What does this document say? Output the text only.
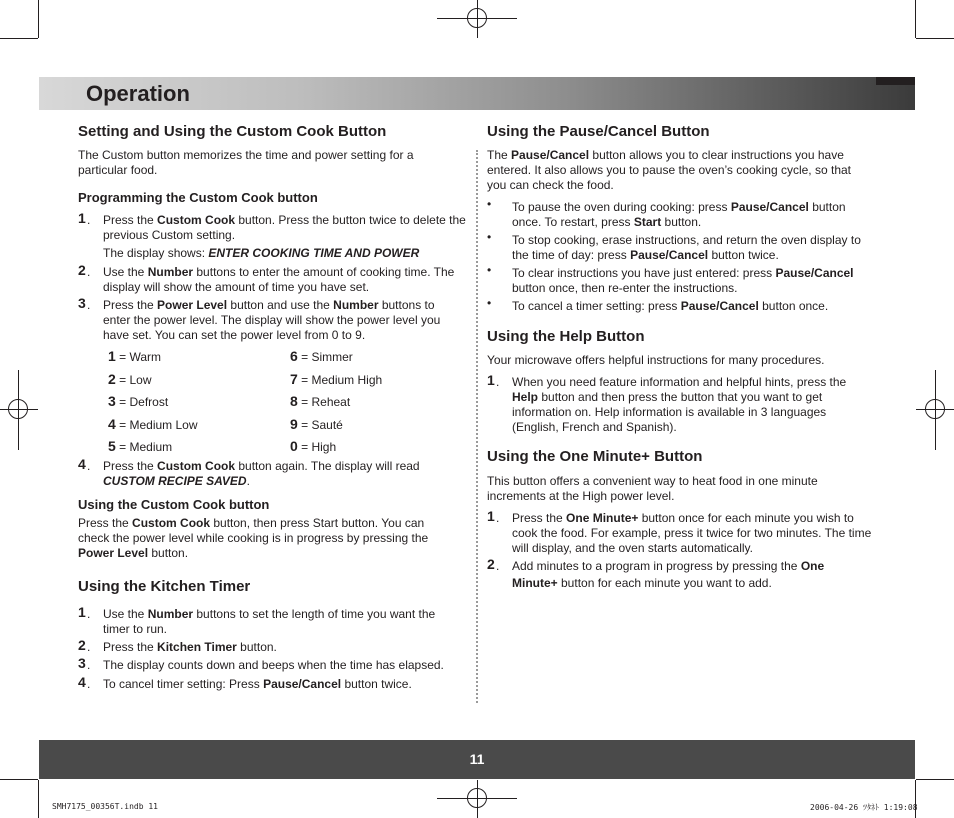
Operation
Setting and Using the Custom Cook Button
The Custom button memorizes the time and power setting for a particular food.
Programming the Custom Cook button
1 . Press the Custom Cook button. Press the button twice to delete the previous Custom setting.
The display shows: ENTER COOKING TIME AND POWER
2 . Use the Number buttons to enter the amount of cooking time. The display will show the amount of time you have set.
3 . Press the Power Level button and use the Number buttons to enter the power level. The display will show the power level you have set. You can set the power level from 0 to 9.
1 = Warm
2 = Low
3 = Defrost
4 = Medium Low
5 = Medium
6 = Simmer
7 = Medium High
8 = Reheat
9 = Sauté
0 = High
4 . Press the Custom Cook button again. The display will read CUSTOM RECIPE SAVED.
Using the Custom Cook button
Press the Custom Cook button, then press Start button. You can check the power level while cooking is in progress by pressing the Power Level button.
Using the Kitchen Timer
1 . Use the Number buttons to set the length of time you want the timer to run.
2 . Press the Kitchen Timer button.
3 . The display counts down and beeps when the time has elapsed.
4 . To cancel timer setting: Press Pause/Cancel button twice.
Using the Pause/Cancel Button
The Pause/Cancel button allows you to clear instructions you have entered. It also allows you to pause the oven’s cooking cycle, so that you can check the food.
• To pause the oven during cooking: press Pause/Cancel button once. To restart, press Start button.
• To stop cooking, erase instructions, and return the oven display to the time of day: press Pause/Cancel button twice.
• To clear instructions you have just entered: press Pause/Cancel button once, then re-enter the instructions.
• To cancel a timer setting: press Pause/Cancel button once.
Using the Help Button
Your microwave offers helpful instructions for many procedures.
1 . When you need feature information and helpful hints, press the Help button and then press the button that you want to get information on. Help information is available in 3 languages (English, French and Spanish).
Using the One Minute+ Button
This button offers a convenient way to heat food in one minute increments at the High power level.
1 . Press the One Minute+ button once for each minute you wish to cook the food. For example, press it twice for two minutes. The time will display, and the oven starts automatically.
2 . Add minutes to a program in progress by pressing the One Minute+ button for each minute you want to add.
11
SMH7175_00356T.indb 11	2006-04-26 ﾂﾀﾈﾄ 1:19:08
